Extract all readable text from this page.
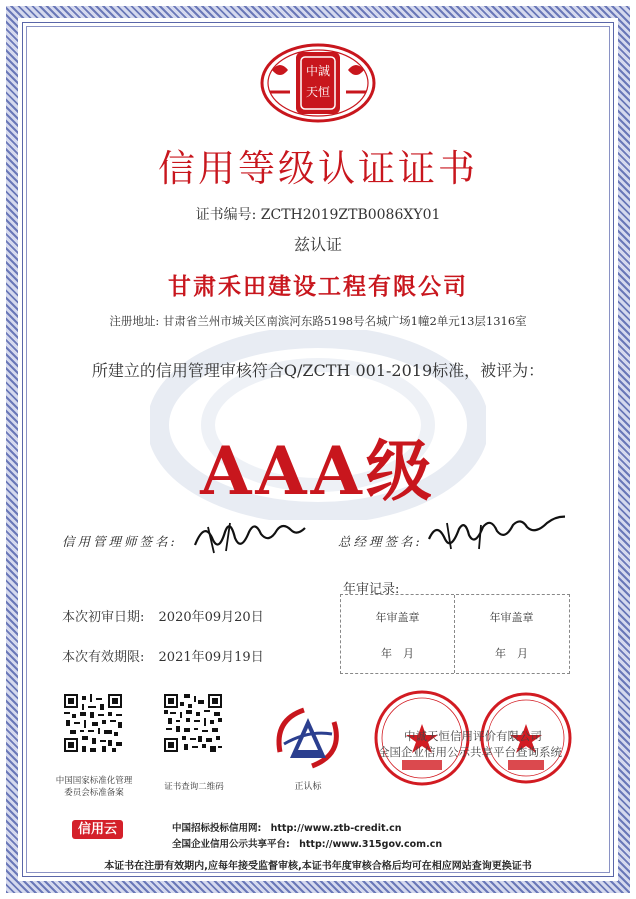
中誠
天恒
信用等级认证证书
证书编号: ZCTH2019ZTB0086XY01
兹认证
甘肃禾田建设工程有限公司
注册地址: 甘肃省兰州市城关区南滨河东路5198号名城广场1幢2单元13层1316室
所建立的信用管理审核符合Q/ZCTH 001-2019标准，被评为：
AAA级
信用管理师签名:	总经理签名:
本次初审日期: 2020年09月20日
本次有效期限: 2021年09月19日
年审记录:
年审盖章	年审盖章
年　月	年　月
中国国家标准化管理委员会标准备案
证书查询二维码	正认标
中诚天恒信用评价有限公司
全国企业信用公示共享平台查询系统
信用云	中国招标投标信用网: http://www.ztb-credit.cn
全国企业信用公示共享平台: http://www.315gov.com.cn
本证书在注册有效期内,应每年接受监督审核,本证书年度审核合格后均可在相应网站查询更换证书
